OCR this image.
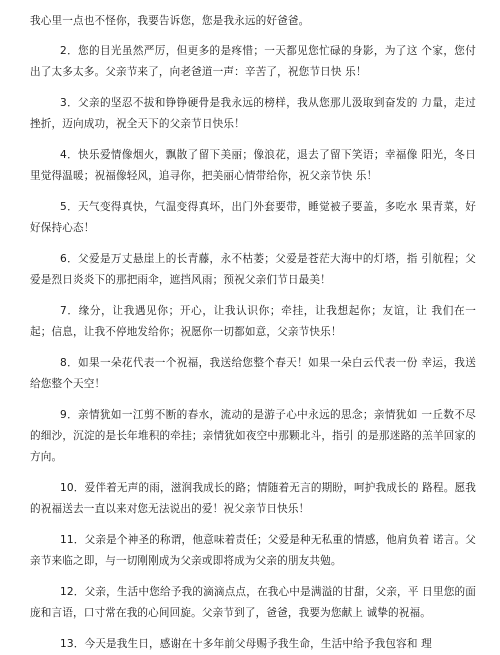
我心里一点也不怪你，我要告诉您，您是我永远的好爸爸。

2．您的目光虽然严厉，但更多的是疼惜；一天都见您忙碌的身影，为了这 个家，您付出了太多太多。父亲节来了，向老爸道一声：辛苦了，祝您节日快 乐！

3．父亲的坚忍不拔和铮铮硬骨是我永远的榜样，我从您那儿汲取到奋发的 力量，走过挫折，迈向成功，祝全天下的父亲节日快乐！

4．快乐爱情像烟火，飘散了留下美丽；像浪花，退去了留下笑语；幸福像 阳光，冬日里觉得温暖；祝福像轻风，追寻你，把美丽心情带给你，祝父亲节快 乐！

5．天气变得真快，气温变得真坏，出门外套要带，睡觉被子要盖，多吃水 果青菜，好好保持心态！

6．父爱是万丈悬崖上的长青藤，永不枯萎；父爱是苍茫大海中的灯塔，指 引航程；父爱是烈日炎炎下的那把雨伞，遮挡风雨；预祝父亲们节日最美！

7．缘分，让我遇见你；开心，让我认识你；牵挂，让我想起你；友谊，让 我们在一起；信息，让我不停地发给你；祝愿你一切都如意，父亲节快乐！

8．如果一朵花代表一个祝福，我送给您整个春天！如果一朵白云代表一份 幸运，我送给您整个天空！

9．亲情犹如一江剪不断的春水，流动的是游子心中永远的思念；亲情犹如 一丘数不尽的细沙，沉淀的是长年堆积的牵挂；亲情犹如夜空中那颗北斗，指引 的是那迷路的羔羊回家的方向。

10．爱伴着无声的雨，滋润我成长的路；情随着无言的期盼，呵护我成长的 路程。愿我的祝福送去一直以来对您无法说出的爱！祝父亲节日快乐！

11．父亲是个神圣的称谓，他意味着责任；父爱是种无私重的情感，他肩负着 诺言。父亲节来临之即，与一切刚刚成为父亲或即将成为父亲的朋友共勉。

12．父亲，生活中您给予我的滴滴点点，在我心中是满溢的甘甜，父亲，平 日里您的面庞和言语，口寸常在我的心间回旋。父亲节到了，爸爸，我要为您献上 诚挚的祝福。

13．今天是我生日，感谢在十多年前父母赐予我生命，生活中给予我包容和 理
